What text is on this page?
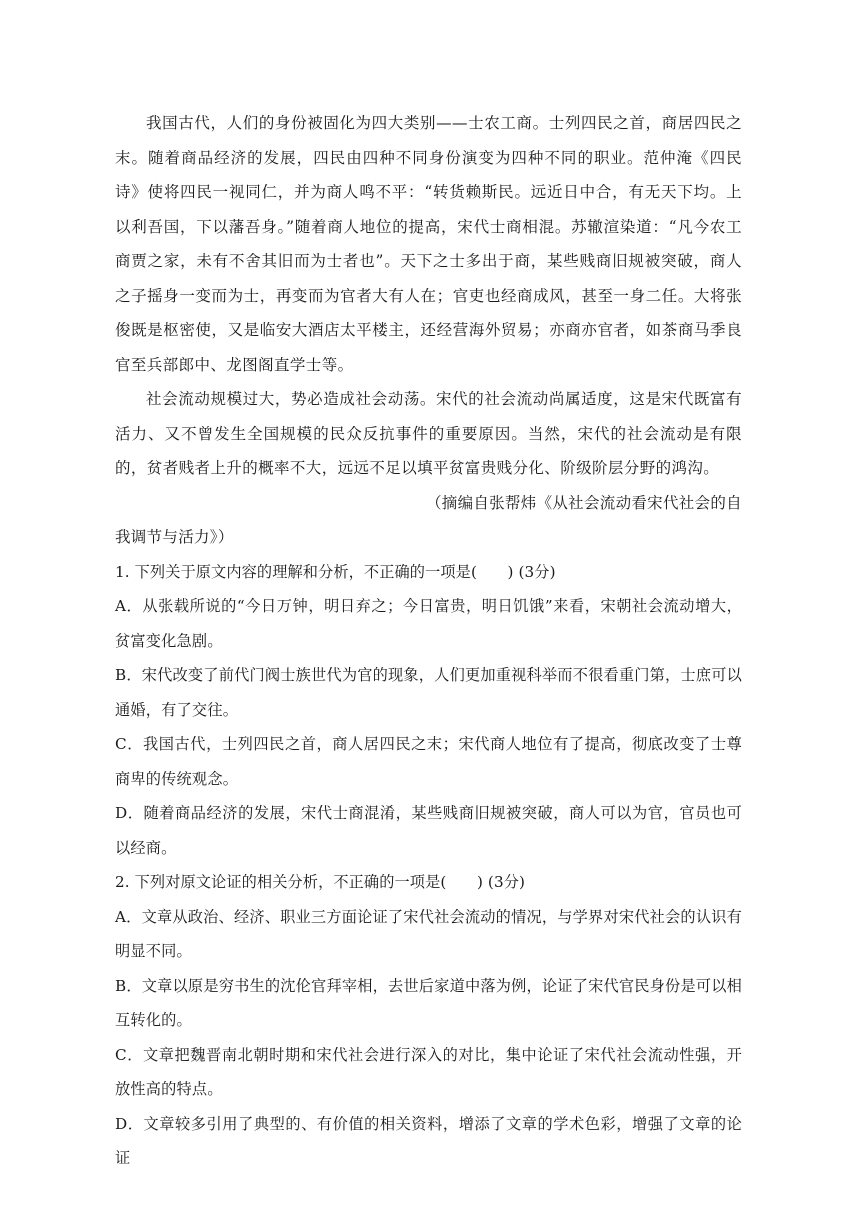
我国古代，人们的身份被固化为四大类别——士农工商。士列四民之首，商居四民之末。随着商品经济的发展，四民由四种不同身份演变为四种不同的职业。范仲淹《四民诗》使将四民一视同仁，并为商人鸣不平：“转货赖斯民。远近日中合，有无天下均。上以利吾国，下以藩吾身。”随着商人地位的提高，宋代士商相混。苏辙渲染道：“凡今农工商贾之家，未有不舍其旧而为士者也”。天下之士多出于商，某些贱商旧规被突破，商人之子摇身一变而为士，再变而为官者大有人在；官吏也经商成风，甚至一身二任。大将张俊既是枢密使，又是临安大酒店太平楼主，还经营海外贸易；亦商亦官者，如茶商马季良官至兵部郎中、龙图阁直学士等。

社会流动规模过大，势必造成社会动荡。宋代的社会流动尚属适度，这是宋代既富有活力、又不曾发生全国规模的民众反抗事件的重要原因。当然，宋代的社会流动是有限的，贫者贱者上升的概率不大，远远不足以填平贫富贵贱分化、阶级阶层分野的鸿沟。

（摘编自张帮炜《从社会流动看宋代社会的自
我调节与活力》）

1. 下列关于原文内容的理解和分析，不正确的一项是(　　) (3分)

A．从张载所说的“今日万钟，明日弃之；今日富贵，明日饥饿”来看，宋朝社会流动增大，贫富变化急剧。

B．宋代改变了前代门阀士族世代为官的现象，人们更加重视科举而不很看重门第，士庶可以通婚，有了交往。

C．我国古代，士列四民之首，商人居四民之末；宋代商人地位有了提高，彻底改变了士尊商卑的传统观念。

D．随着商品经济的发展，宋代士商混淆，某些贱商旧规被突破，商人可以为官，官员也可以经商。

2. 下列对原文论证的相关分析，不正确的一项是(　　) (3分)

A．文章从政治、经济、职业三方面论证了宋代社会流动的情况，与学界对宋代社会的认识有明显不同。

B．文章以原是穷书生的沈伦官拜宰相，去世后家道中落为例，论证了宋代官民身份是可以相互转化的。

C．文章把魏晋南北朝时期和宋代社会进行深入的对比，集中论证了宋代社会流动性强，开放性高的特点。

D．文章较多引用了典型的、有价值的相关资料，增添了文章的学术色彩，增强了文章的论证
